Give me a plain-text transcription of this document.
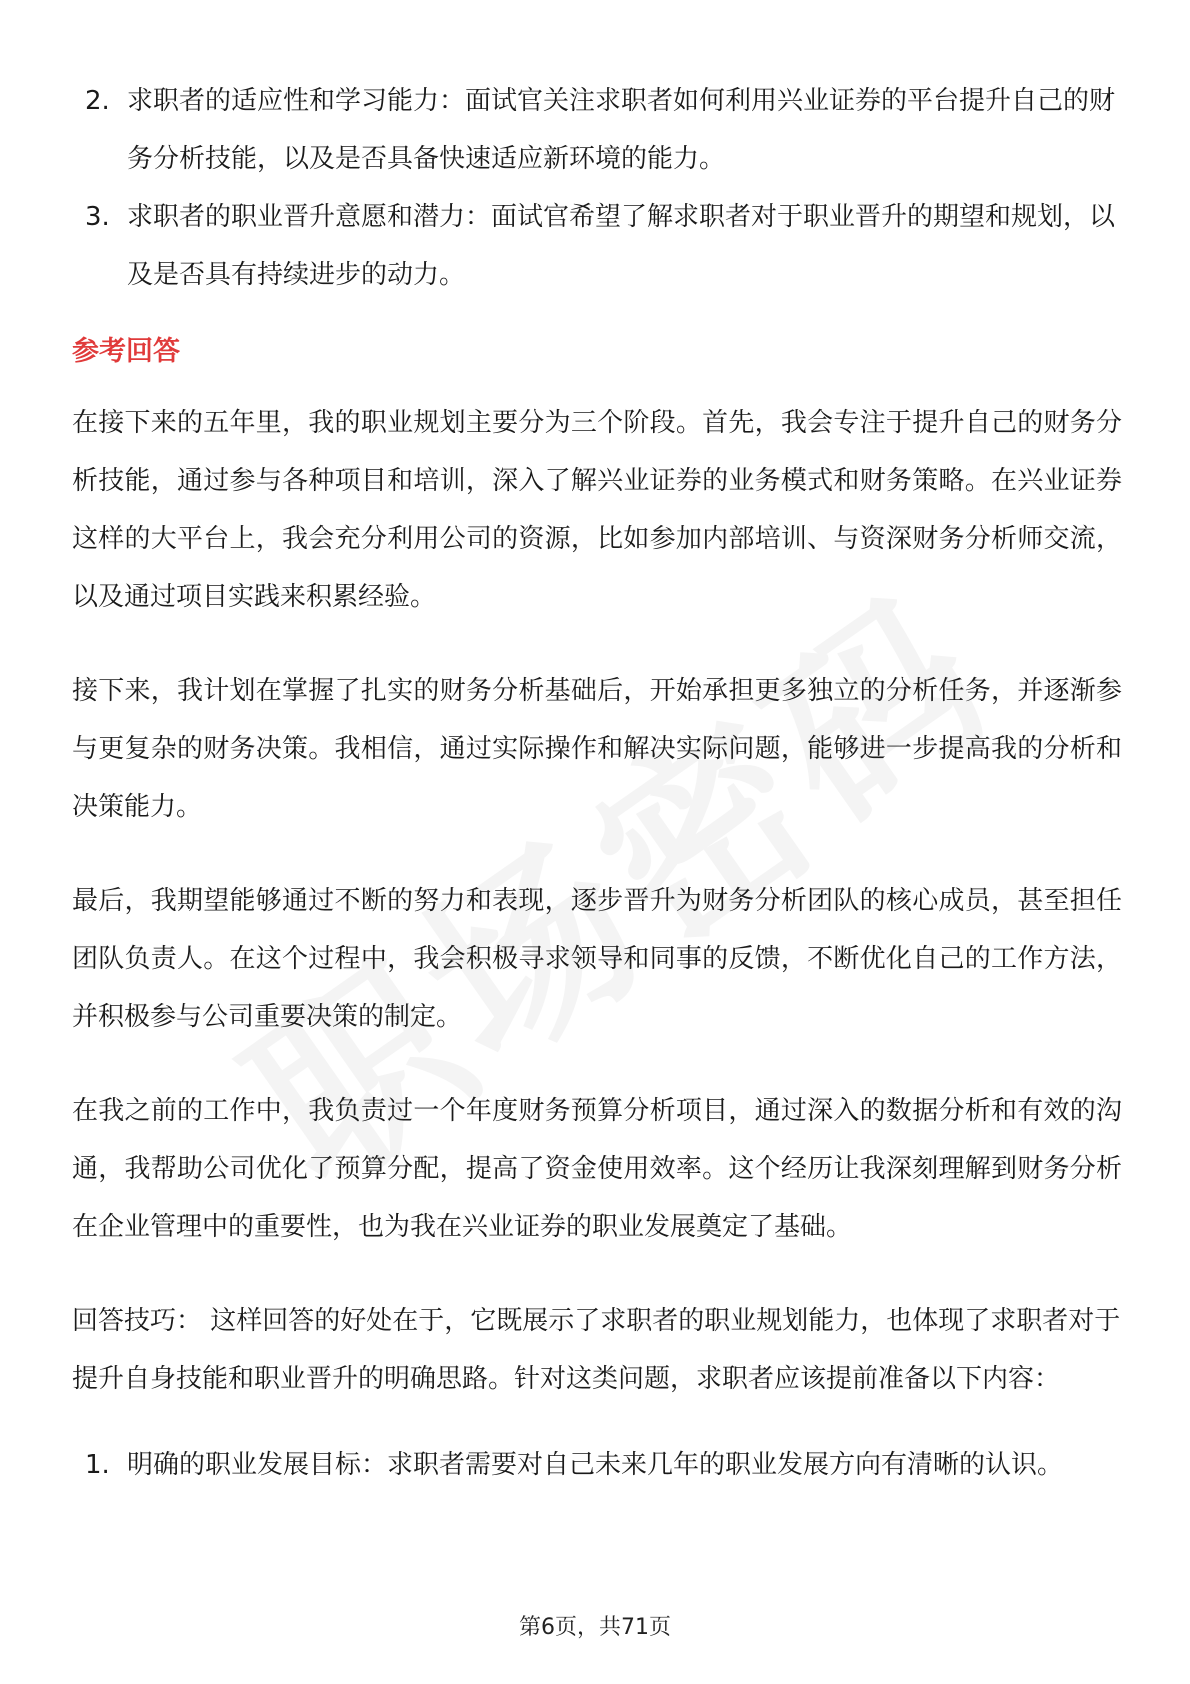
2. 求职者的适应性和学习能力：面试官关注求职者如何利用兴业证券的平台提升自己的财务分析技能，以及是否具备快速适应新环境的能力。
3. 求职者的职业晋升意愿和潜力：面试官希望了解求职者对于职业晋升的期望和规划，以及是否具有持续进步的动力。
参考回答

在接下来的五年里，我的职业规划主要分为三个阶段。首先，我会专注于提升自己的财务分析技能，通过参与各种项目和培训，深入了解兴业证券的业务模式和财务策略。在兴业证券这样的大平台上，我会充分利用公司的资源，比如参加内部培训、与资深财务分析师交流，以及通过项目实践来积累经验。

接下来，我计划在掌握了扎实的财务分析基础后，开始承担更多独立的分析任务，并逐渐参与更复杂的财务决策。我相信，通过实际操作和解决实际问题，能够进一步提高我的分析和决策能力。

最后，我期望能够通过不断的努力和表现，逐步晋升为财务分析团队的核心成员，甚至担任团队负责人。在这个过程中，我会积极寻求领导和同事的反馈，不断优化自己的工作方法，并积极参与公司重要决策的制定。

在我之前的工作中，我负责过一个年度财务预算分析项目，通过深入的数据分析和有效的沟通，我帮助公司优化了预算分配，提高了资金使用效率。这个经历让我深刻理解到财务分析在企业管理中的重要性，也为我在兴业证券的职业发展奠定了基础。

回答技巧： 这样回答的好处在于，它既展示了求职者的职业规划能力，也体现了求职者对于提升自身技能和职业晋升的明确思路。针对这类问题，求职者应该提前准备以下内容：

1. 明确的职业发展目标：求职者需要对自己未来几年的职业发展方向有清晰的认识。
第6页，共71页
